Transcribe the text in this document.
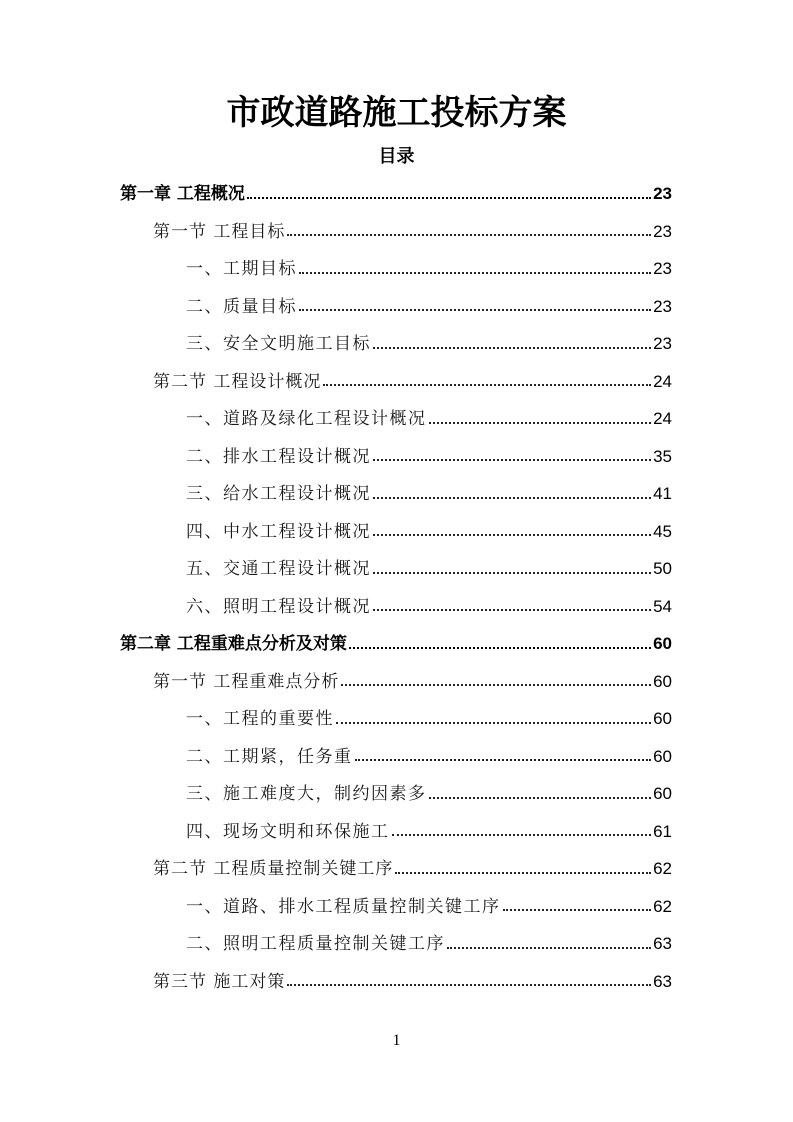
市政道路施工投标方案
目录
第一章 工程概况	23
第一节 工程目标	23
一、工期目标	23
二、质量目标	23
三、安全文明施工目标	23
第二节 工程设计概况	24
一、道路及绿化工程设计概况	24
二、排水工程设计概况	35
三、给水工程设计概况	41
四、中水工程设计概况	45
五、交通工程设计概况	50
六、照明工程设计概况	54
第二章 工程重难点分析及对策	60
第一节 工程重难点分析	60
一、工程的重要性	60
二、工期紧，任务重	60
三、施工难度大，制约因素多	60
四、现场文明和环保施工	61
第二节 工程质量控制关键工序	62
一、道路、排水工程质量控制关键工序	62
二、照明工程质量控制关键工序	63
第三节 施工对策	63
1
